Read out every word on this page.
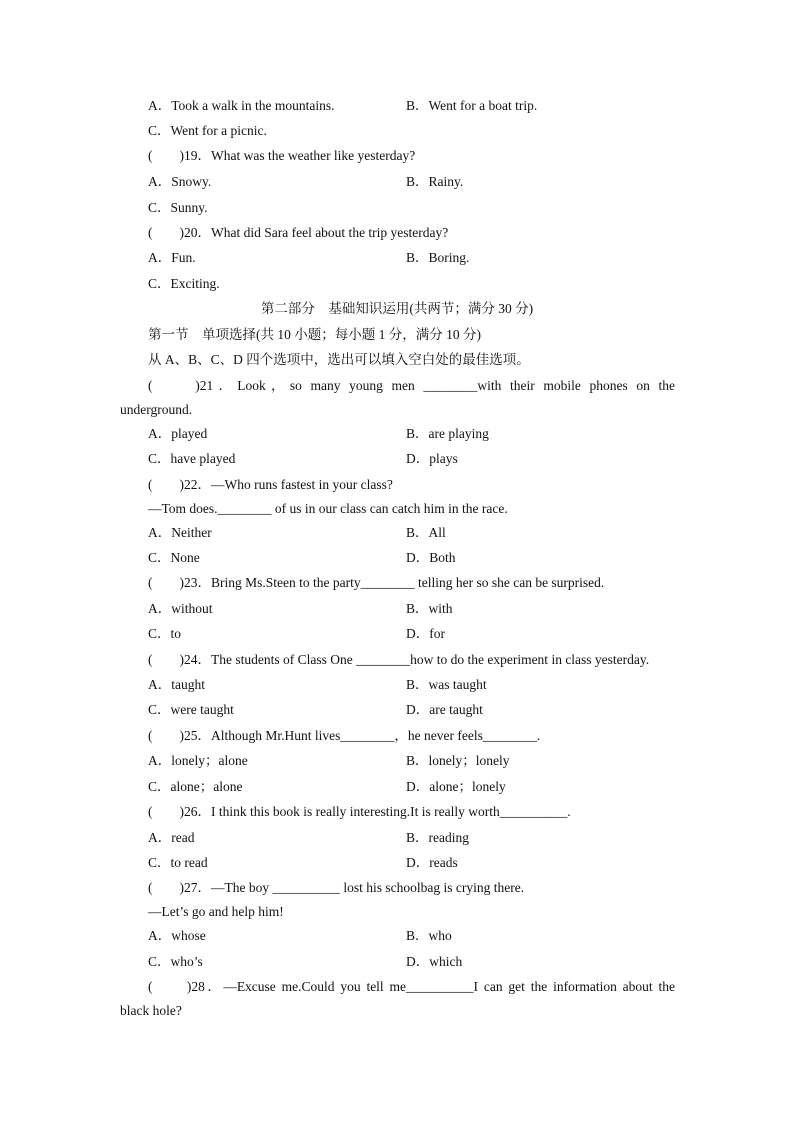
A．Took a walk in the mountains.	B．Went for a boat trip.
C．Went for a picnic.
(　　)19．What was the weather like yesterday?
A．Snowy.	B．Rainy.
C．Sunny.
(　　)20．What did Sara feel about the trip yesterday?
A．Fun.	B．Boring.
C．Exciting.
第二部分　基础知识运用(共两节；满分 30 分)
第一节　单项选择(共 10 小题；每小题 1 分，满分 10 分)
从 A、B、C、D 四个选项中，选出可以填入空白处的最佳选项。
(　　)21．Look，so many young men ________with their mobile phones on the
underground.
A．played	B．are playing
C．have played	D．plays
(　　)22．—Who runs fastest in your class?
—Tom does.________ of us in our class can catch him in the race.
A．Neither	B．All
C．None	D．Both
(　　)23．Bring Ms.Steen to the party________ telling her so she can be surprised.
A．without	B．with
C．to	D．for
(　　)24．The students of Class One ________how to do the experiment in class yesterday.
A．taught	B．was taught
C．were taught	D．are taught
(　　)25．Although Mr.Hunt lives________，he never feels________.
A．lonely；alone	B．lonely；lonely
C．alone；alone	D．alone；lonely
(　　)26．I think this book is really interesting.It is really worth__________.
A．read	B．reading
C．to read	D．reads
(　　)27．—The boy __________ lost his schoolbag is crying there.
—Let’s go and help him!
A．whose	B．who
C．who’s	D．which
(　　)28．—Excuse me.Could you tell me__________I can get the information about the
black hole?
